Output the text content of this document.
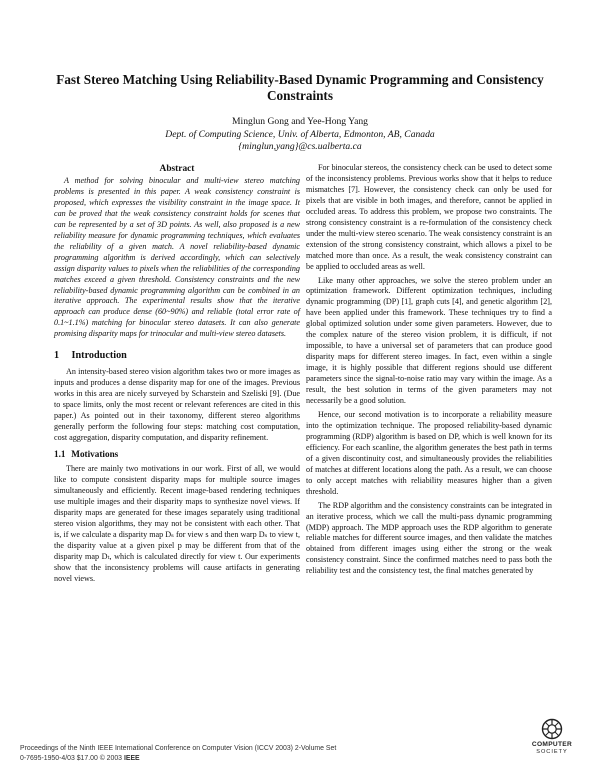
Fast Stereo Matching Using Reliability-Based Dynamic Programming and Consistency Constraints
Minglun Gong and Yee-Hong Yang
Dept. of Computing Science, Univ. of Alberta, Edmonton, AB, Canada
{minglun,yang}@cs.ualberta.ca
Abstract

A method for solving binocular and multi-view stereo matching problems is presented in this paper. A weak consistency constraint is proposed, which expresses the visibility constraint in the image space. It can be proved that the weak consistency constraint holds for scenes that can be represented by a set of 3D points. As well, also proposed is a new reliability measure for dynamic programming techniques, which evaluates the reliability of a given match. A novel reliability-based dynamic programming algorithm is derived accordingly, which can selectively assign disparity values to pixels when the reliabilities of the corresponding matches exceed a given threshold. Consistency constraints and the new reliability-based dynamic programming algorithm can be combined in an iterative approach. The experimental results show that the iterative approach can produce dense (60~90%) and reliable (total error rate of 0.1~1.1%) matching for binocular stereo datasets. It can also generate promising disparity maps for trinocular and multi-view stereo datasets.

1 Introduction

An intensity-based stereo vision algorithm takes two or more images as inputs and produces a dense disparity map for one of the images. Previous works in this area are nicely surveyed by Scharstein and Szeliski [9]. (Due to space limits, only the most recent or relevant references are cited in this paper.) As pointed out in their taxonomy, different stereo algorithms generally perform the following four steps: matching cost computation, cost aggregation, disparity computation, and disparity refinement.

1.1 Motivations

There are mainly two motivations in our work. First of all, we would like to compute consistent disparity maps for multiple source images simultaneously and efficiently. Recent image-based rendering techniques use multiple images and their disparity maps to synthesize novel views. If disparity maps are generated for these images separately using traditional stereo vision algorithms, they may not be consistent with each other. That is, if we calculate a disparity map Dₛ for view s and then warp Dₛ to view t, the disparity value at a given pixel p may be different from that of the disparity map Dₜ, which is calculated directly for view t. Our experiments show that the inconsistency problems will cause artifacts in generating novel views.

For binocular stereos, the consistency check can be used to detect some of the inconsistency problems. Previous works show that it helps to reduce mismatches [7]. However, the consistency check can only be used for pixels that are visible in both images, and therefore, cannot be applied in occluded areas. To address this problem, we propose two constraints. The strong consistency constraint is a re-formulation of the consistency check under the multi-view stereo scenario. The weak consistency constraint is an extension of the strong consistency constraint, which allows a pixel to be matched more than once. As a result, the weak consistency constraint can be applied to occluded areas as well.

Like many other approaches, we solve the stereo problem under an optimization framework. Different optimization techniques, including dynamic programming (DP) [1], graph cuts [4], and genetic algorithm [2], have been applied under this framework. These techniques try to find a global optimized solution under some given parameters. However, due to the complex nature of the stereo vision problem, it is difficult, if not impossible, to have a universal set of parameters that can produce good disparity maps for different stereo images. In fact, even within a single image, it is highly possible that different regions should use different parameters since the signal-to-noise ratio may vary within the image. As a result, the best solution in terms of the given parameters may not necessarily be a good solution.

Hence, our second motivation is to incorporate a reliability measure into the optimization technique. The proposed reliability-based dynamic programming (RDP) algorithm is based on DP, which is well known for its efficiency. For each scanline, the algorithm generates the best path in terms of a given discontinuity cost, and simultaneously provides the reliabilities of matches at different locations along the path. As a result, we can choose to only accept matches with reliability measures higher than a given threshold.

The RDP algorithm and the consistency constraints can be integrated in an iterative process, which we call the multi-pass dynamic programming (MDP) approach. The MDP approach uses the RDP algorithm to generate reliable matches for different source images, and then validate the matches obtained from different images using either the strong or the weak consistency constraint. Since the confirmed matches need to pass both the reliability test and the consistency test, the final matches generated by

Proceedings of the Ninth IEEE International Conference on Computer Vision (ICCV 2003) 2-Volume Set
0-7695-1950-4/03 $17.00 © 2003 IEEE
COMPUTER
SOCIETY
